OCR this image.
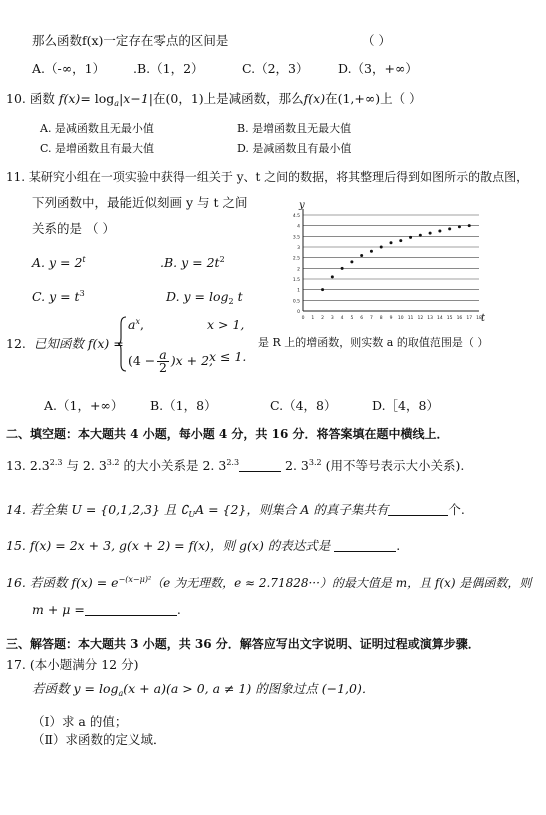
那么函数f(x)一定存在零点的区间是	（ ）
A.（-∞，1） .B.（1，2）	C.（2，3） D.（3，+∞）
10. 函数 $f(x)= \log_a|x-1|$在(0，1)上是减函数，那么f(x)在(1,+∞)上（ ）
A. 是减函数且无最小值	B. 是增函数且无最大值
C. 是增函数且有最大值	D. 是减函数且有最小值
11. 某研究小组在一项实验中获得一组关于 y、t 之间的数据，将其整理后得到如图所示的散点图，
下列函数中，最能近似刻画 y 与 t 之间
关系的是 （ ）
A. $y = 2^t$	.B. $y = 2t^2$
C. $y = t^3$	D. $y = \log_2 t$
0
0.5
1
1.5
2
2.5
3
3.5
4
4.5
0 1 2 3 4 5 6 7 8 9 10 11 12 13 14 15 16 17 18
y
t
12. 已知函数 f(x) =
$a^x$,	x > 1,
$(4 - \frac{a}{2} )x + 2$,
x ≤ 1.
是 R 上的增函数，则实数 a 的取值范围是（ ）
A.（1，+∞） B.（1，8）	C.（4，8）	D.［4，8）
二、填空题：本大题共 4 小题，每小题 4 分，共 16 分．将答案填在题中横线上．
13. $2.3^{2.3}$ 与 2. $3^{3.2}$ 的大小关系是 2. $3^{2.3}$	2. $3^{3.2}$ (用不等号表示大小关系).
14. 若全集 U = {0,1,2,3} 且 $∁_UA = \{2\}$，则集合 A 的真子集共有	个.
15. f(x) = 2x + 3, g(x + 2) = f(x)，则 g(x) 的表达式是	.
16. 若函数 $f(x) = e^{-(x-\mu)^2}(e$ 为无理数，e ≈ 2.71828···）的最大值是 m，且 f(x) 是偶函数，则
m + μ =	.
三、解答题：本大题共 3 小题，共 36 分．解答应写出文字说明、证明过程或演算步骤．
17. (本小题满分 12 分)
若函数 $y = \log_a(x + a)(a > 0$, a ≠ 1) 的图象过点 (−1,0)．
（Ⅰ）求 a 的值；
（Ⅱ）求函数的定义域．
